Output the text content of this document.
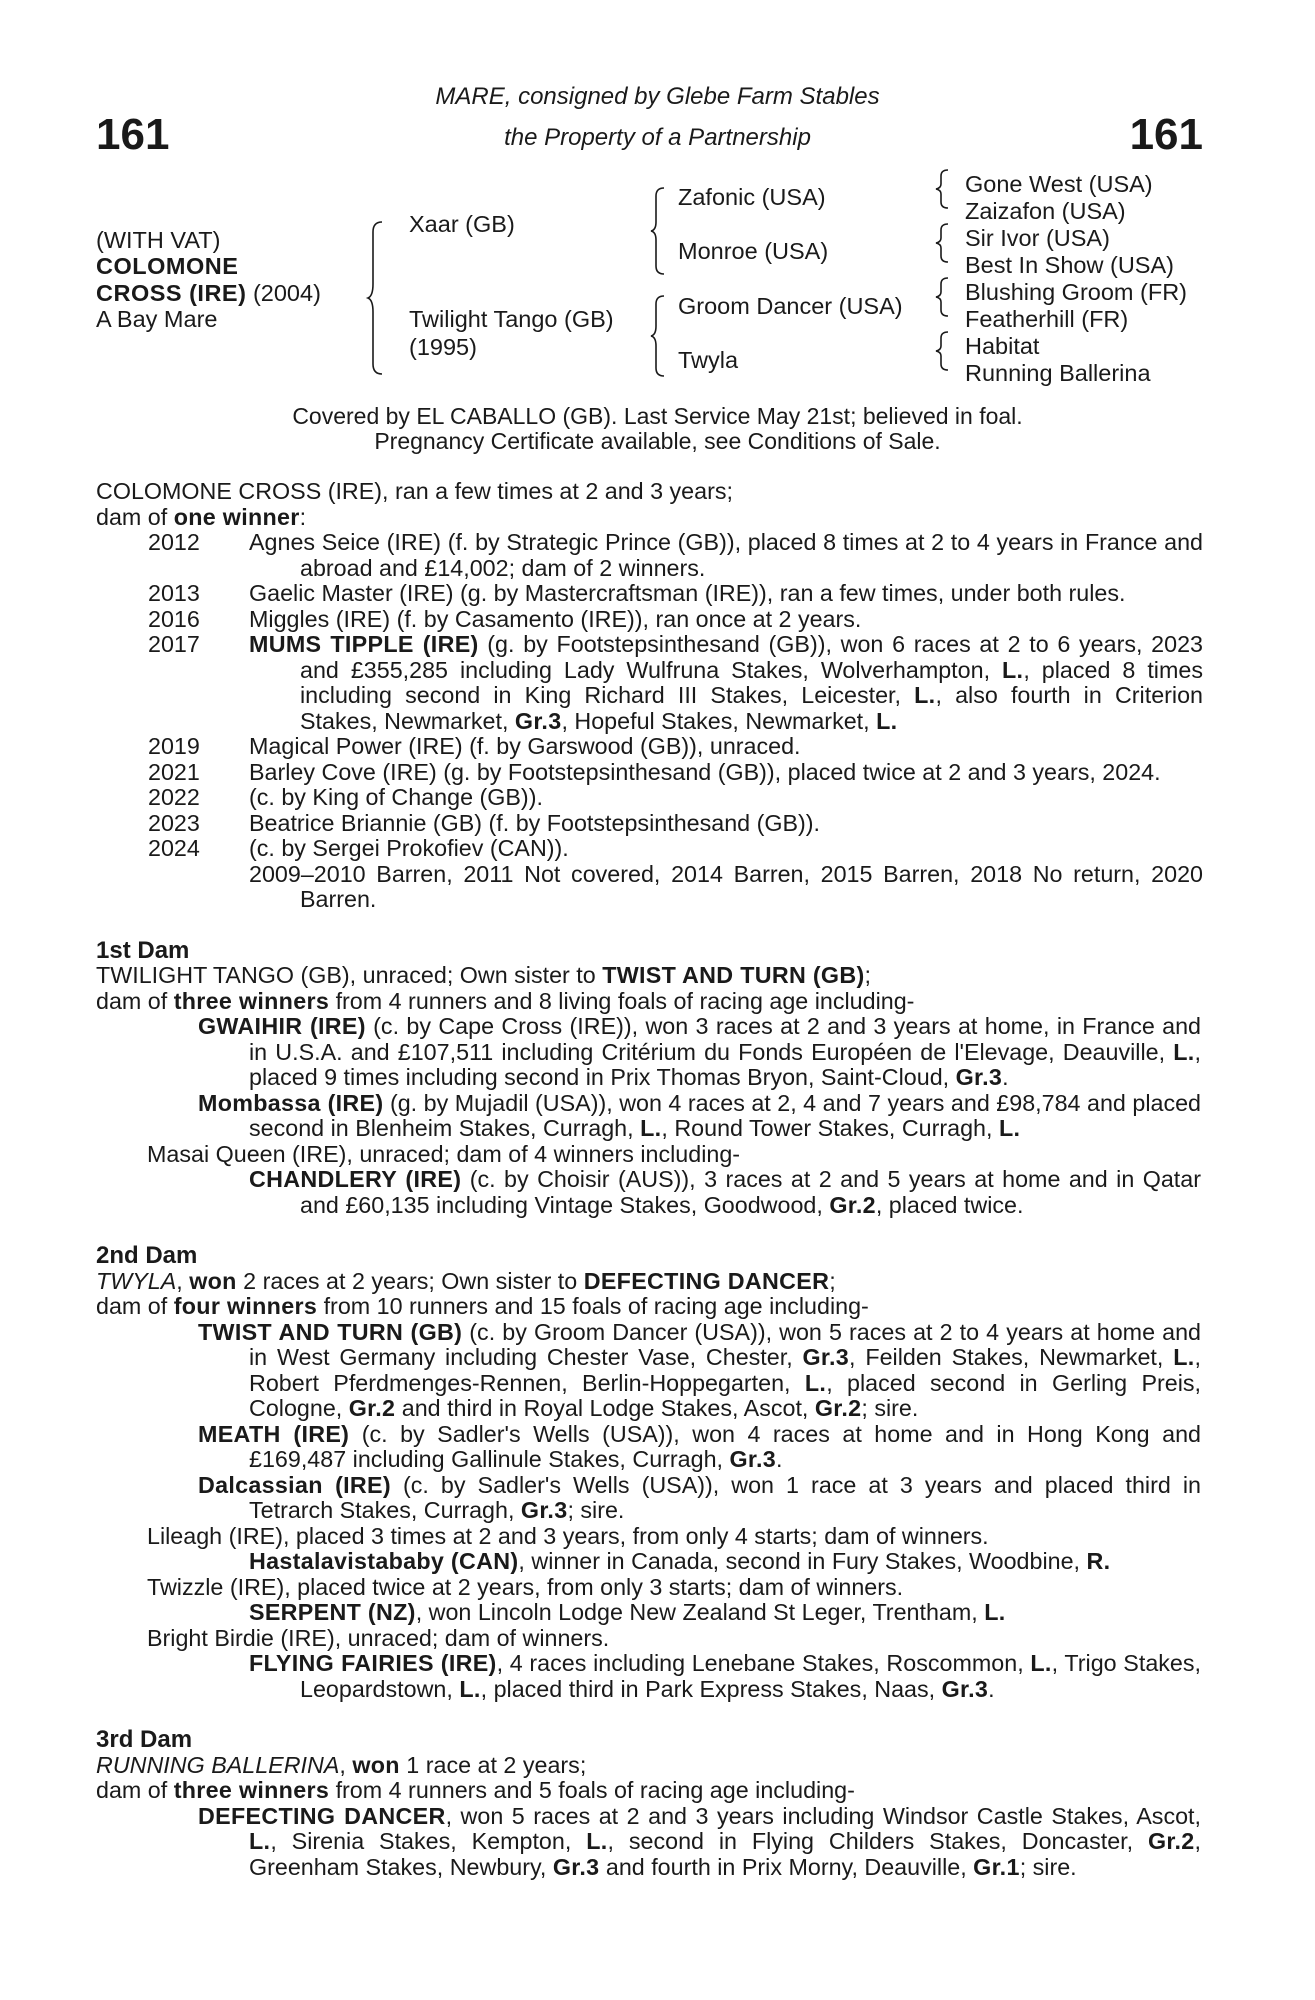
161	161
MARE, consigned by Glebe Farm Stables
the Property of a Partnership
(WITH VAT)
COLOMONE
CROSS (IRE) (2004)
A Bay Mare
Xaar (GB)
Twilight Tango (GB)
(1995)
Zafonic (USA)
Monroe (USA)
Groom Dancer (USA)
Twyla
Gone West (USA)
Zaizafon (USA)
Sir Ivor (USA)
Best In Show (USA)
Blushing Groom (FR)
Featherhill (FR)
Habitat
Running Ballerina
Covered by EL CABALLO (GB). Last Service May 21st; believed in foal.
Pregnancy Certificate available, see Conditions of Sale.

COLOMONE CROSS (IRE), ran a few times at 2 and 3 years;

dam of one winner:

2012	Agnes Seice (IRE) (f. by Strategic Prince (GB)), placed 8 times at 2 to 4 years in France and abroad and £14,002; dam of 2 winners.
2013	Gaelic Master (IRE) (g. by Mastercraftsman (IRE)), ran a few times, under both rules.
2016	Miggles (IRE) (f. by Casamento (IRE)), ran once at 2 years.
2017	MUMS TIPPLE (IRE) (g. by Footstepsinthesand (GB)), won 6 races at 2 to 6 years, 2023 and £355,285 including Lady Wulfruna Stakes, Wolverhampton, L., placed 8 times including second in King Richard III Stakes, Leicester, L., also fourth in Criterion Stakes, Newmarket, Gr.3, Hopeful Stakes, Newmarket, L.
2019	Magical Power (IRE) (f. by Garswood (GB)), unraced.
2021	Barley Cove (IRE) (g. by Footstepsinthesand (GB)), placed twice at 2 and 3 years, 2024.
2022	(c. by King of Change (GB)).
2023	Beatrice Briannie (GB) (f. by Footstepsinthesand (GB)).
2024	(c. by Sergei Prokofiev (CAN)).
2009–2010 Barren, 2011 Not covered, 2014 Barren, 2015 Barren, 2018 No return, 2020 Barren.

1st Dam

TWILIGHT TANGO (GB), unraced; Own sister to TWIST AND TURN (GB);

dam of three winners from 4 runners and 8 living foals of racing age including-

GWAIHIR (IRE) (c. by Cape Cross (IRE)), won 3 races at 2 and 3 years at home, in France and in U.S.A. and £107,511 including Critérium du Fonds Européen de l'Elevage, Deauville, L., placed 9 times including second in Prix Thomas Bryon, Saint-Cloud, Gr.3.

Mombassa (IRE) (g. by Mujadil (USA)), won 4 races at 2, 4 and 7 years and £98,784 and placed second in Blenheim Stakes, Curragh, L., Round Tower Stakes, Curragh, L.

Masai Queen (IRE), unraced; dam of 4 winners including-

CHANDLERY (IRE) (c. by Choisir (AUS)), 3 races at 2 and 5 years at home and in Qatar and £60,135 including Vintage Stakes, Goodwood, Gr.2, placed twice.

2nd Dam

TWYLA, won 2 races at 2 years; Own sister to DEFECTING DANCER;

dam of four winners from 10 runners and 15 foals of racing age including-

TWIST AND TURN (GB) (c. by Groom Dancer (USA)), won 5 races at 2 to 4 years at home and in West Germany including Chester Vase, Chester, Gr.3, Feilden Stakes, Newmarket, L., Robert Pferdmenges-Rennen, Berlin-Hoppegarten, L., placed second in Gerling Preis, Cologne, Gr.2 and third in Royal Lodge Stakes, Ascot, Gr.2; sire.

MEATH (IRE) (c. by Sadler's Wells (USA)), won 4 races at home and in Hong Kong and £169,487 including Gallinule Stakes, Curragh, Gr.3.

Dalcassian (IRE) (c. by Sadler's Wells (USA)), won 1 race at 3 years and placed third in Tetrarch Stakes, Curragh, Gr.3; sire.

Lileagh (IRE), placed 3 times at 2 and 3 years, from only 4 starts; dam of winners.

Hastalavistababy (CAN), winner in Canada, second in Fury Stakes, Woodbine, R.

Twizzle (IRE), placed twice at 2 years, from only 3 starts; dam of winners.

SERPENT (NZ), won Lincoln Lodge New Zealand St Leger, Trentham, L.

Bright Birdie (IRE), unraced; dam of winners.

FLYING FAIRIES (IRE), 4 races including Lenebane Stakes, Roscommon, L., Trigo Stakes, Leopardstown, L., placed third in Park Express Stakes, Naas, Gr.3.

3rd Dam

RUNNING BALLERINA, won 1 race at 2 years;

dam of three winners from 4 runners and 5 foals of racing age including-

DEFECTING DANCER, won 5 races at 2 and 3 years including Windsor Castle Stakes, Ascot, L., Sirenia Stakes, Kempton, L., second in Flying Childers Stakes, Doncaster, Gr.2, Greenham Stakes, Newbury, Gr.3 and fourth in Prix Morny, Deauville, Gr.1; sire.
